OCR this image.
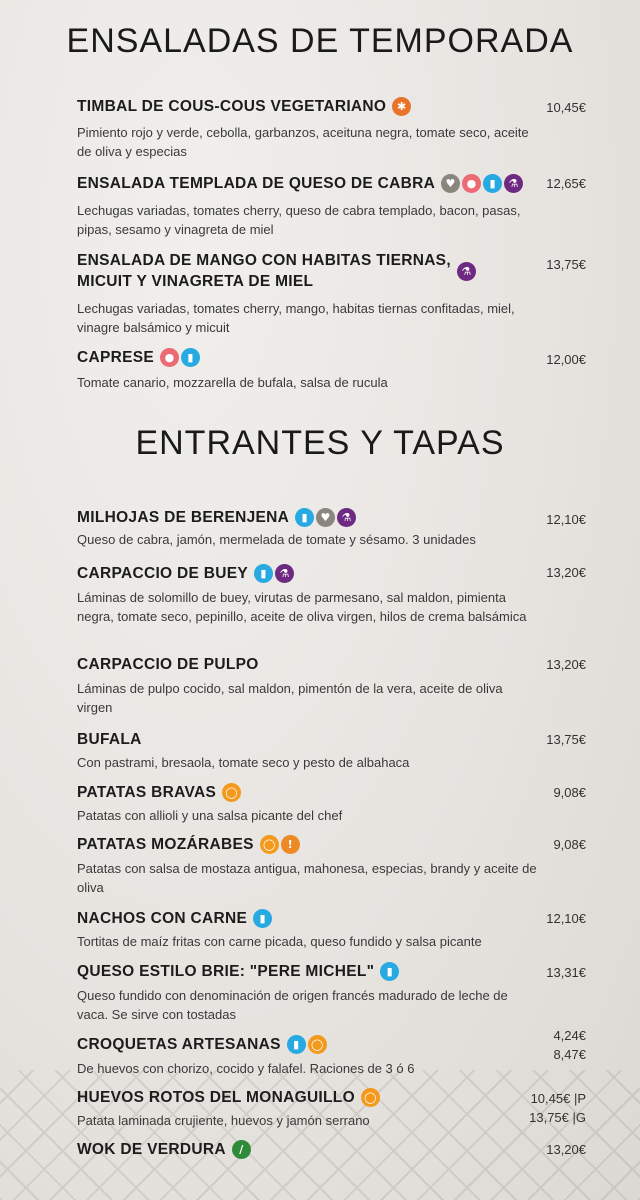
ENSALADAS DE TEMPORADA
ENTRANTES Y TAPAS
TIMBAL DE COUS-COUS VEGETARIANO ✱	10,45€
Pimiento rojo y verde, cebolla, garbanzos, aceituna negra, tomate seco, aceite de oliva y especias
ENSALADA TEMPLADA DE QUESO DE CABRA ♥ ●	▮	⚗	12,65€
Lechugas variadas, tomates cherry, queso de cabra templado, bacon, pasas, pipas, sesamo y vinagreta de miel
ENSALADA DE MANGO CON HABITAS TIERNAS,
MICUIT Y VINAGRETA DE MIEL
⚗	13,75€
Lechugas variadas, tomates cherry, mango, habitas tiernas confitadas, miel, vinagre balsámico y micuit
CAPRESE ●	▮	12,00€
Tomate canario, mozzarella de bufala, salsa de rucula
MILHOJAS DE BERENJENA	▮	♥ ⚗	12,10€
Queso de cabra, jamón, mermelada de tomate y sésamo. 3 unidades
CARPACCIO DE BUEY	▮	⚗	13,20€
Láminas de solomillo de buey, virutas de parmesano, sal maldon, pimienta negra, tomate seco, pepinillo, aceite de oliva virgen, hilos de crema balsámica
CARPACCIO DE PULPO	13,20€
Láminas de pulpo cocido, sal maldon, pimentón de la vera, aceite de oliva virgen
BUFALA	13,75€
Con pastrami, bresaola, tomate seco y pesto de albahaca
PATATAS BRAVAS ◯	9,08€
Patatas con allioli y una salsa picante del chef
PATATAS MOZÁRABES ◯	!	9,08€
Patatas con salsa de mostaza antigua, mahonesa, especias, brandy y aceite de oliva
NACHOS CON CARNE	▮	12,10€
Tortitas de maíz fritas con carne picada, queso fundido y salsa picante
QUESO ESTILO BRIE: "PERE MICHEL"	▮	13,31€
Queso fundido con denominación de origen francés madurado de leche de vaca. Se sirve con tostadas
CROQUETAS ARTESANAS	▮	◯
4,24€
8,47€
De huevos con chorizo, cocido y falafel. Raciones de 3 ó 6
HUEVOS ROTOS DEL MONAGUILLO ◯	10,45€ |P
13,75€ |G
Patata laminada crujiente, huevos y jamón serrano
WOK DE VERDURA	∕	13,20€
